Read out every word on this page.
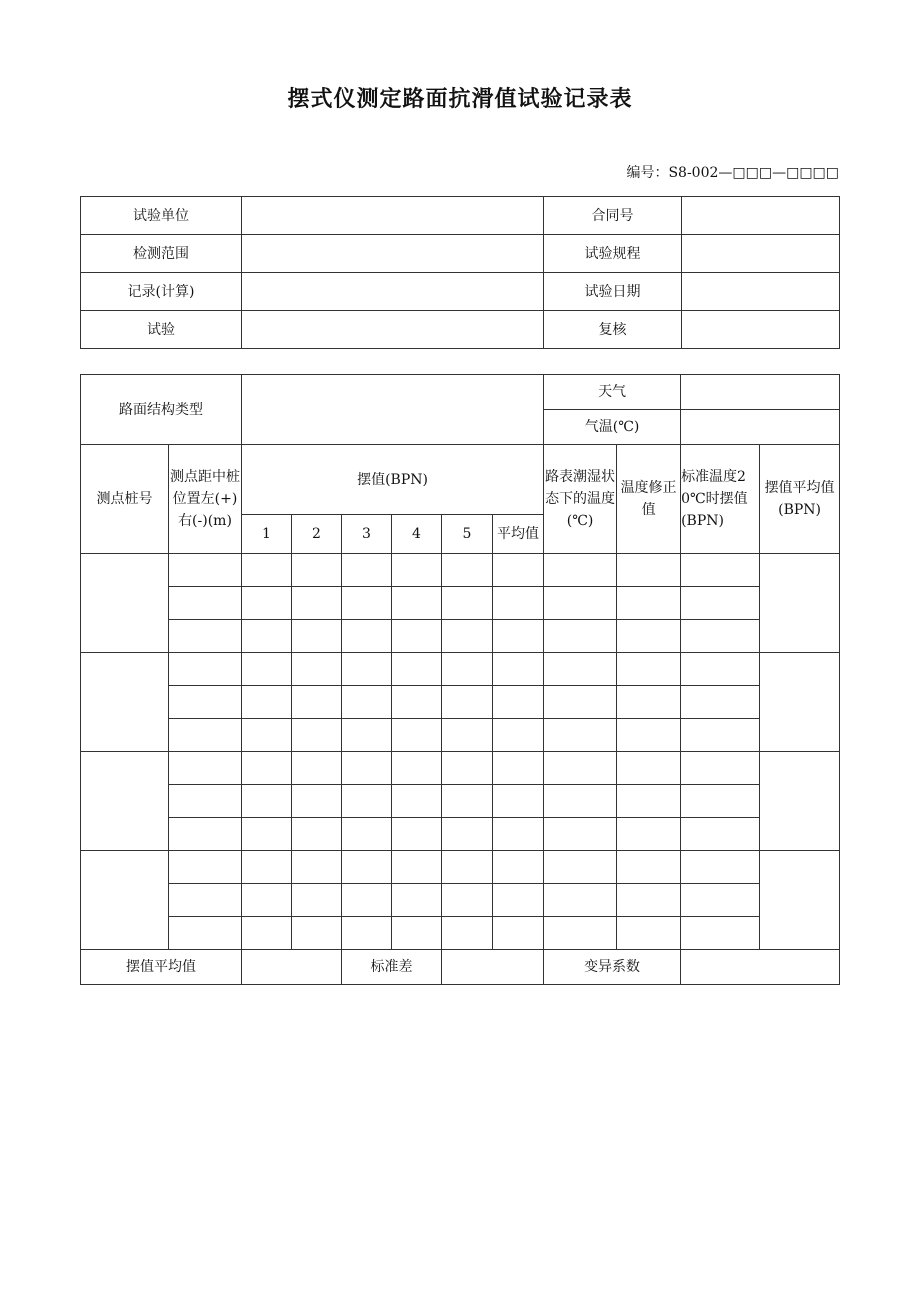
摆式仪测定路面抗滑值试验记录表
编号：S8-002—□□□—□□□□
试验单位		合同号	
检测范围		试验规程	
记录(计算)		试验日期	
试验		复核	
路面结构类型								天气			
								气温(℃)			
测点桩号	测点距中桩位置左(+)右(-)(m)	摆值(BPN)						路表潮湿状态下的温度(℃)	温度修正值	标准温度20℃时摆值(BPN)	摆值平均值(BPN)
		1	2	3	4	5	平均值				

摆值平均值				标准差				变异系数			
